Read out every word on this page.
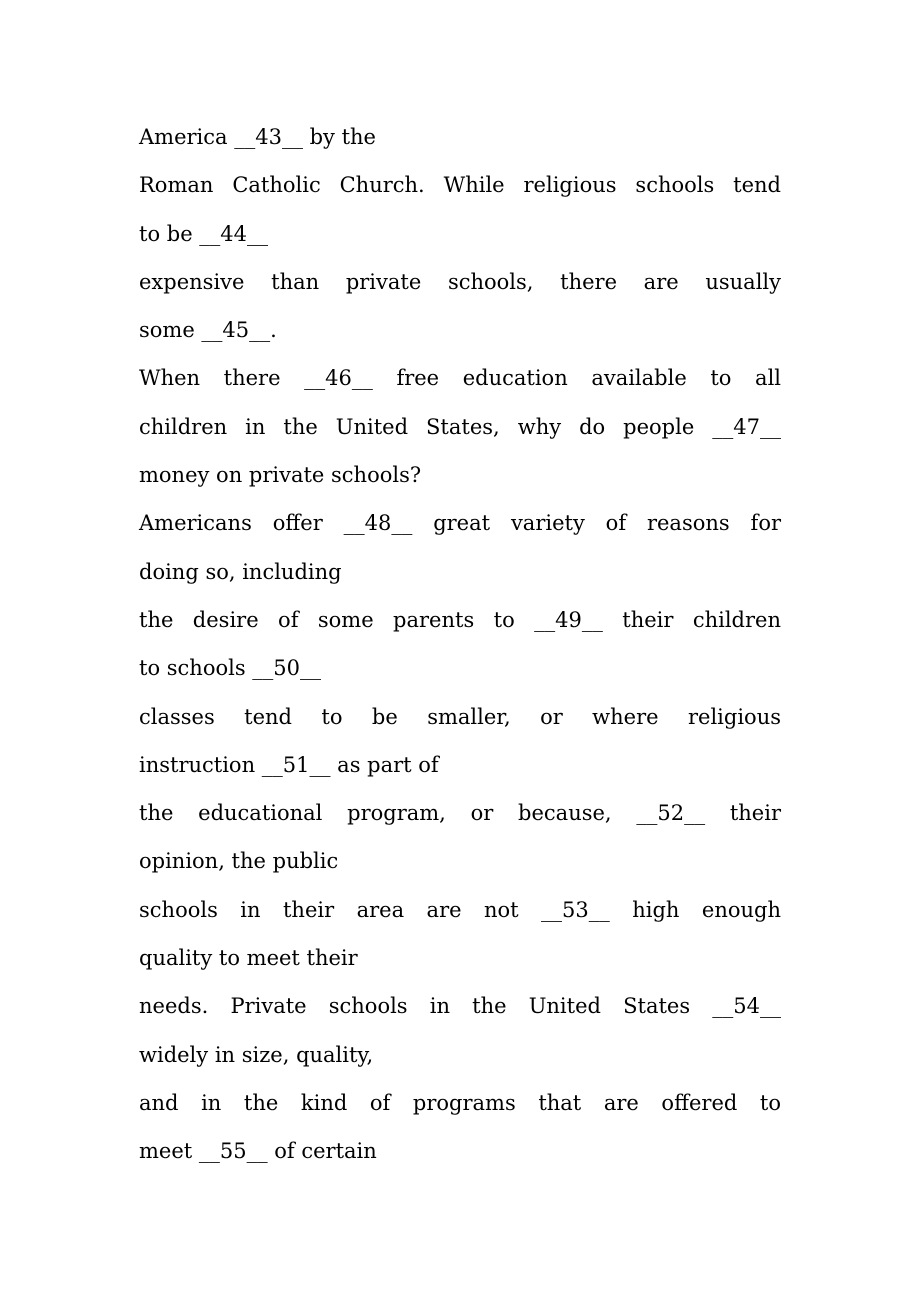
America __43__ by the
Roman Catholic Church. While religious schools tend
to be __44__
expensive than private schools, there are usually
some __45__.
When there __46__ free education available to all
children in the United States, why do people __47__
money on private schools?
Americans offer __48__ great variety of reasons for
doing so, including
the desire of some parents to __49__ their children
to schools __50__
classes tend to be smaller, or where religious
instruction __51__ as part of
the educational program, or because, __52__ their
opinion, the public
schools in their area are not __53__ high enough
quality to meet their
needs. Private schools in the United States __54__
widely in size, quality,
and in the kind of programs that are offered to
meet __55__ of certain
